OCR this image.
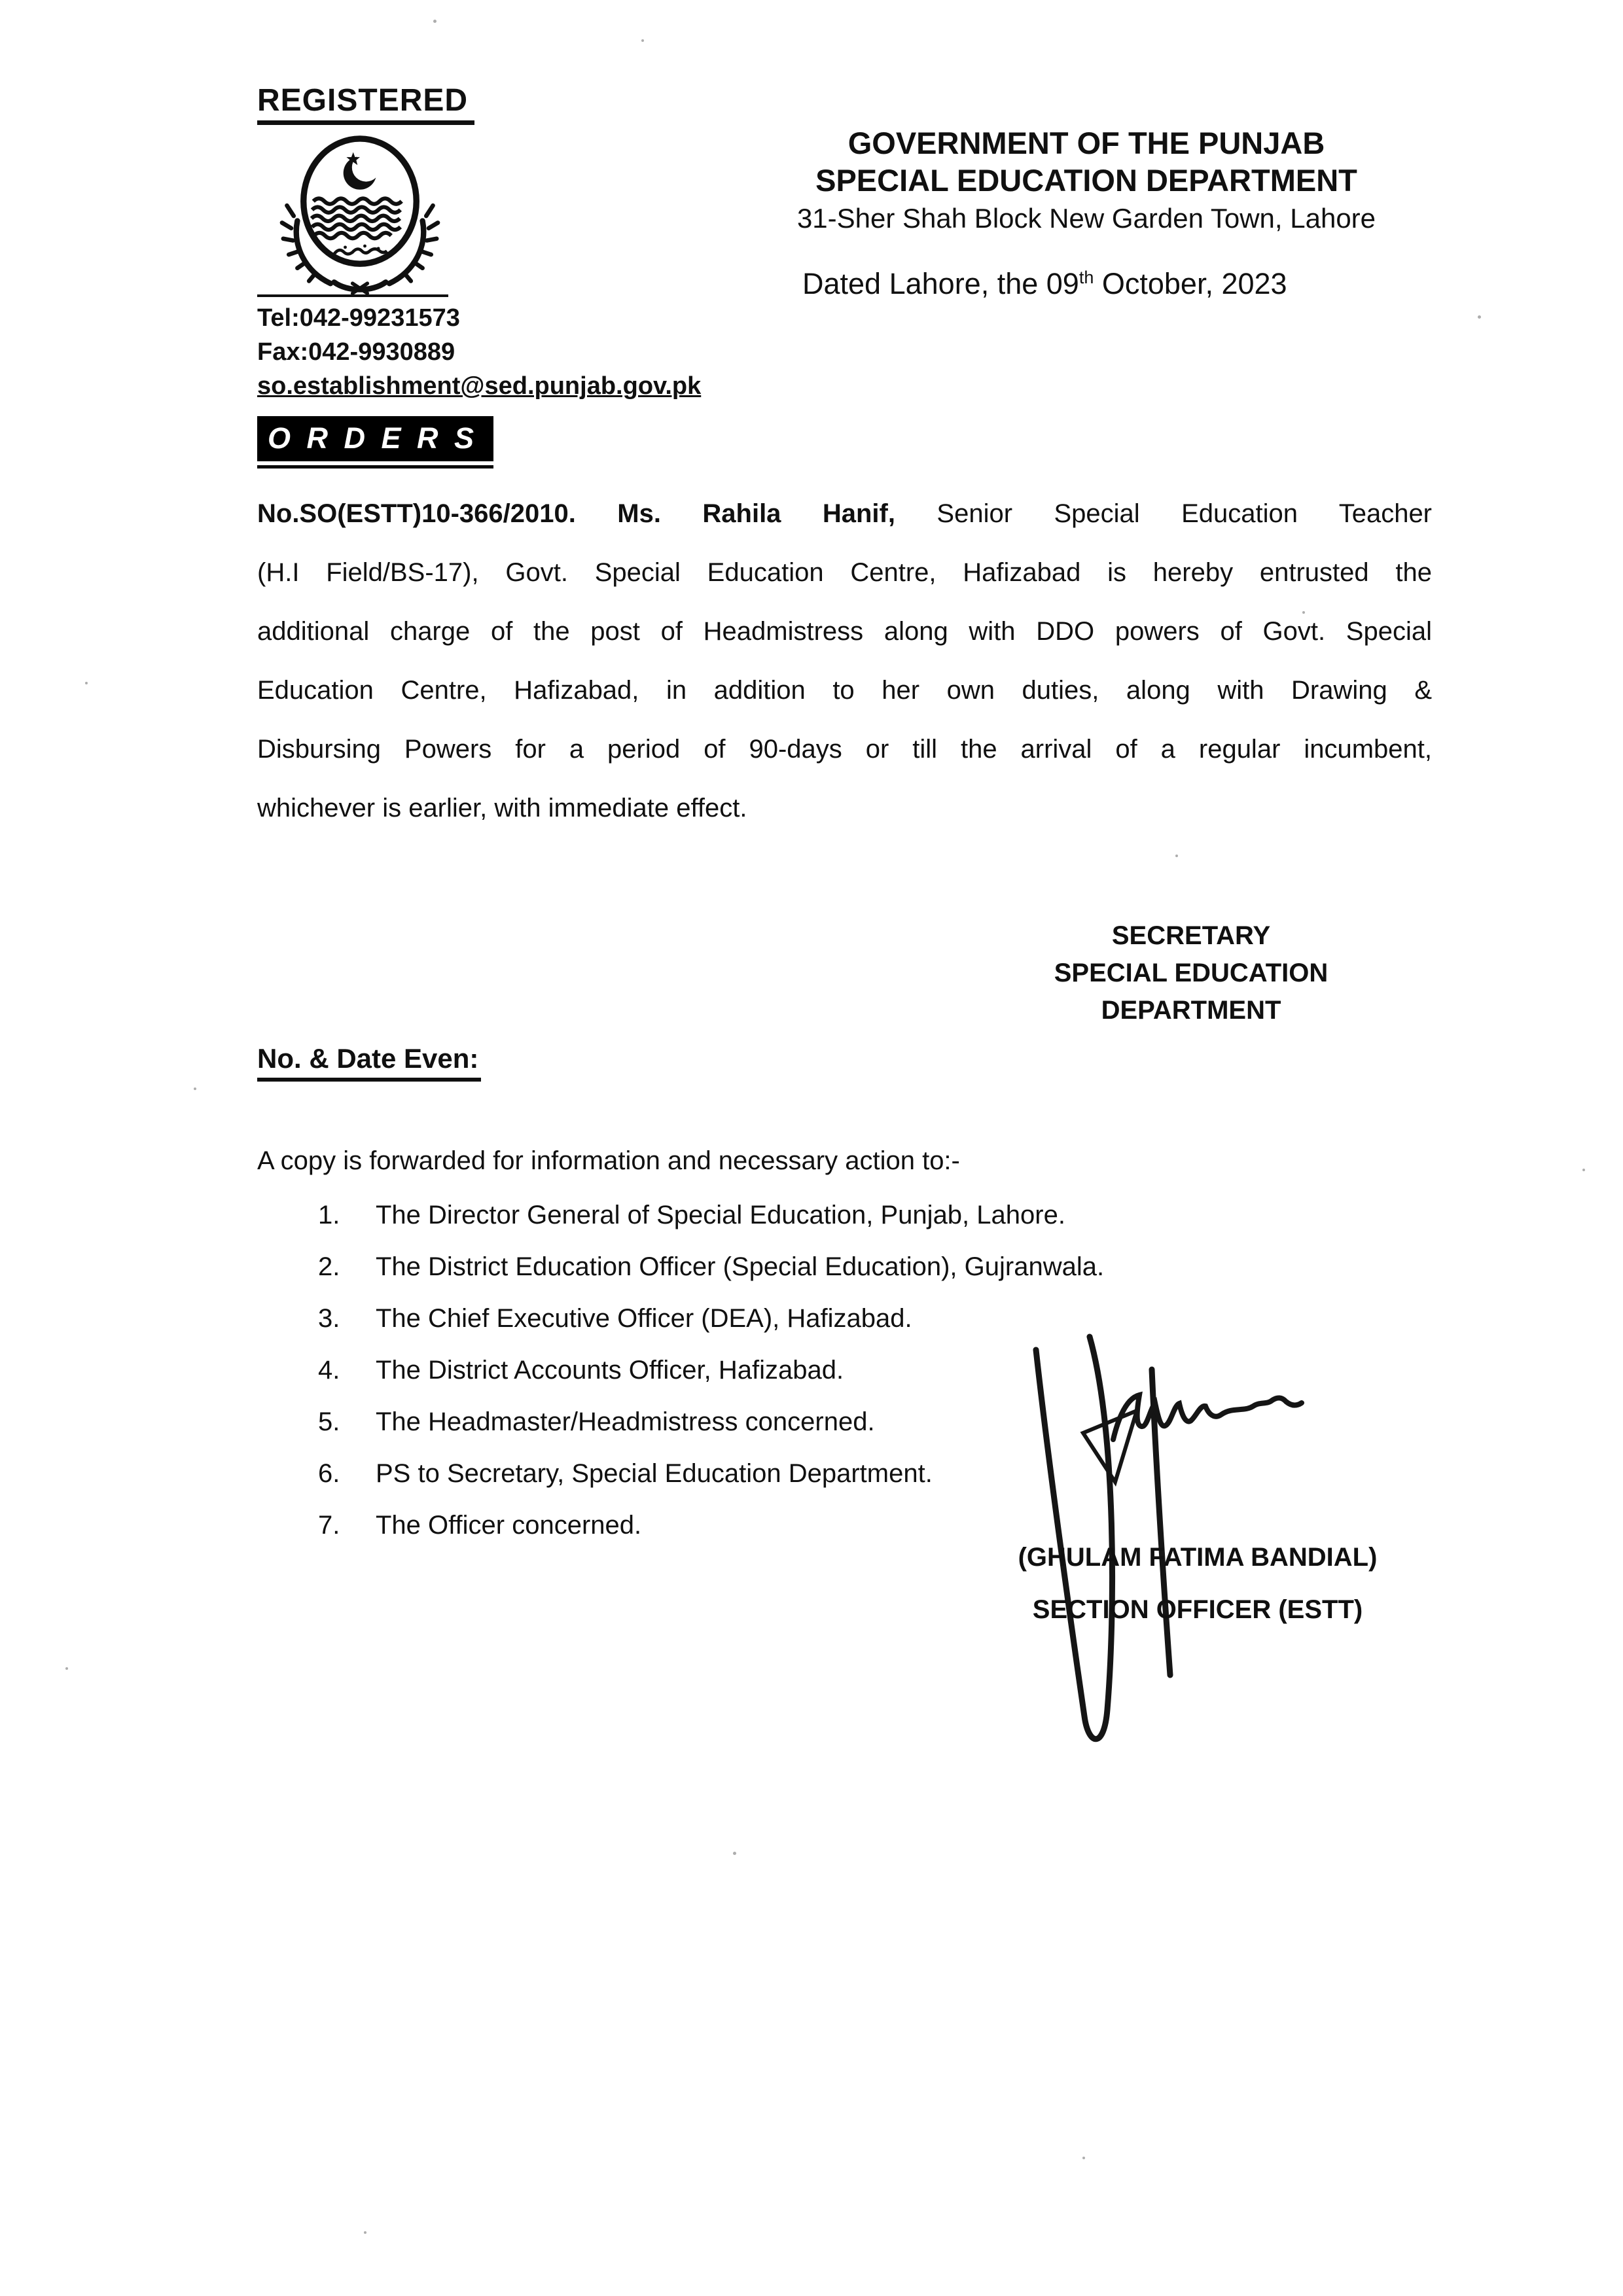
REGISTERED
Tel:042-99231573
Fax:042-9930889
so.establishment@sed.punjab.gov.pk
GOVERNMENT OF THE PUNJAB
SPECIAL EDUCATION DEPARTMENT
31-Sher Shah Block New Garden Town, Lahore
Dated Lahore, the 09th October, 2023
O R D E R S
No.SO(ESTT)10-366/2010. Ms. Rahila Hanif, Senior Special Education Teacher
(H.I Field/BS-17), Govt. Special Education Centre, Hafizabad is hereby entrusted the
additional charge of the post of Headmistress along with DDO powers of Govt. Special
Education Centre, Hafizabad, in addition to her own duties, along with Drawing &
Disbursing Powers for a period of 90-days or till the arrival of a regular incumbent,
whichever is earlier, with immediate effect.
SECRETARY
SPECIAL EDUCATION
DEPARTMENT
No. & Date Even:
A copy is forwarded for information and necessary action to:-
1.	The Director General of Special Education, Punjab, Lahore.
2.	The District Education Officer (Special Education), Gujranwala.
3.	The Chief Executive Officer (DEA), Hafizabad.
4.	The District Accounts Officer, Hafizabad.
5.	The Headmaster/Headmistress concerned.
6.	PS to Secretary, Special Education Department.
7.	The Officer concerned.
(GHULAM FATIMA BANDIAL)
SECTION OFFICER (ESTT)
